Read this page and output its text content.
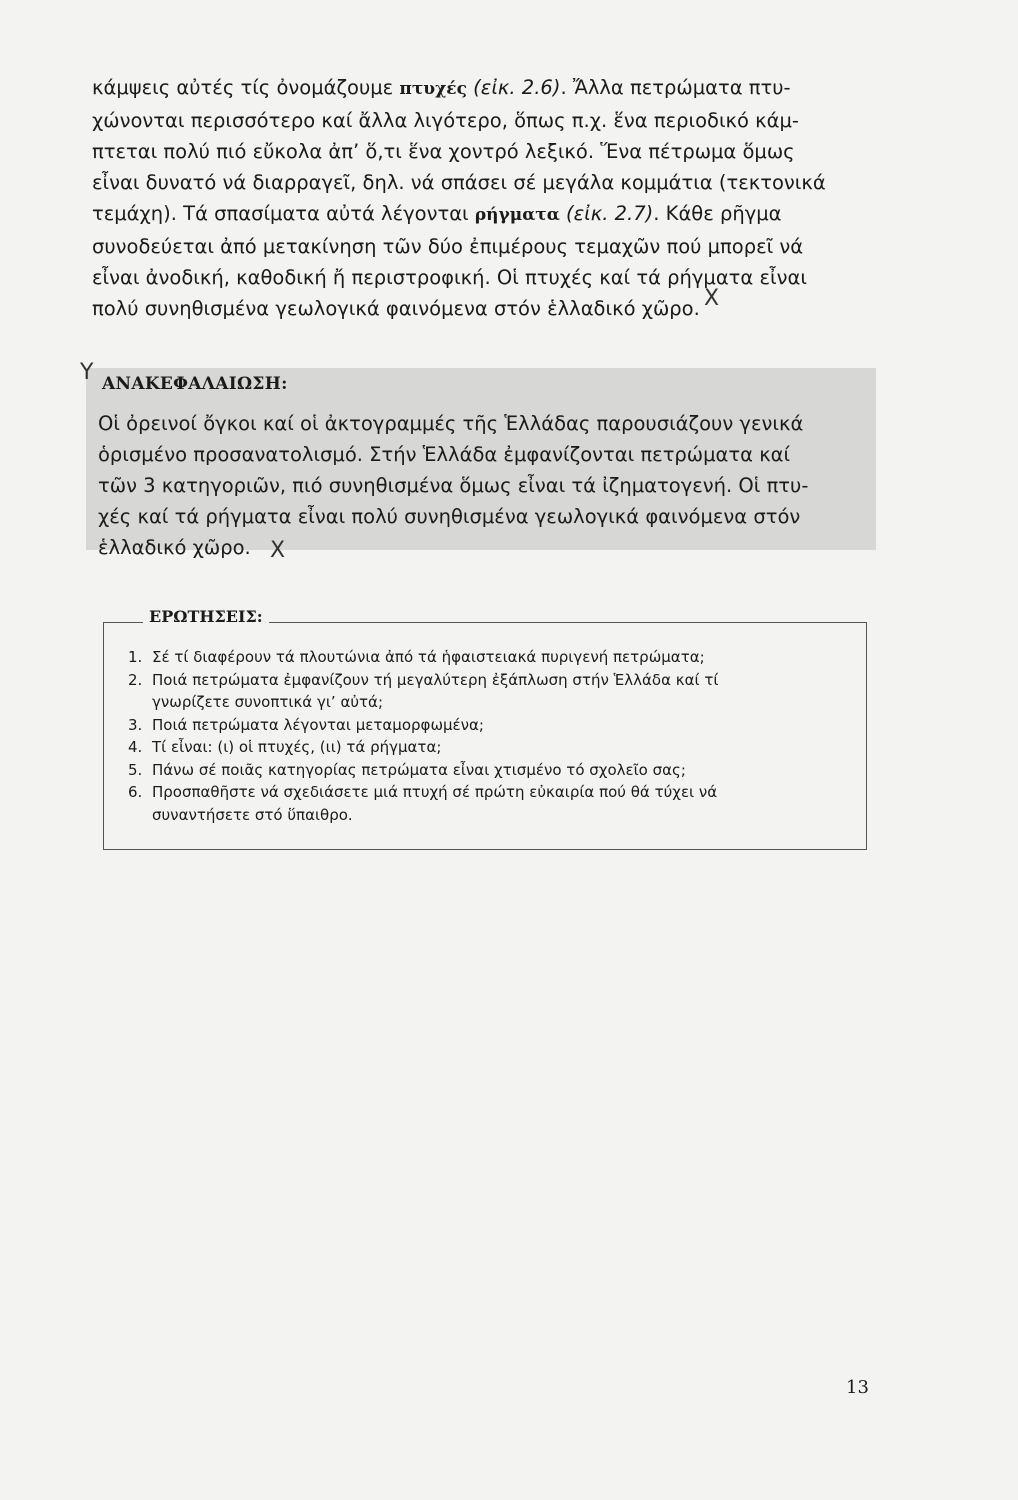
κάμψεις αὐτές τίς ὀνομάζουμε πτυχές (εἰκ. 2.6). Ἄλλα πετρώματα πτυ-
χώνονται περισσότερο καί ἄλλα λιγότερο, ὅπως π.χ. ἕνα περιοδικό κάμ-
πτεται πολύ πιό εὔκολα ἀπ’ ὅ,τι ἕνα χοντρό λεξικό. Ἕνα πέτρωμα ὅμως
εἶναι δυνατό νά διαρραγεῖ, δηλ. νά σπάσει σέ μεγάλα κομμάτια (τεκτονικά
τεμάχη). Τά σπασίματα αὐτά λέγονται ρήγματα (εἰκ. 2.7). Κάθε ρῆγμα
συνοδεύεται ἀπό μετακίνηση τῶν δύο ἐπιμέρους τεμαχῶν πού μπορεῖ νά
εἶναι ἀνοδική, καθοδική ἤ περιστροφική. Οἱ πτυχές καί τά ρήγματα εἶναι
πολύ συνηθισμένα γεωλογικά φαινόμενα στόν ἑλλαδικό χῶρο. X
Y ΑΝΑΚΕΦΑΛΑΙΩΣΗ:

Οἱ ὀρεινοί ὄγκοι καί οἱ ἀκτογραμμές τῆς Ἑλλάδας παρουσιάζουν γενικά
ὁρισμένο προσανατολισμό. Στήν Ἑλλάδα ἐμφανίζονται πετρώματα καί
τῶν 3 κατηγοριῶν, πιό συνηθισμένα ὅμως εἶναι τά ἰζηματογενή. Οἱ πτυ-
χές καί τά ρήγματα εἶναι πολύ συνηθισμένα γεωλογικά φαινόμενα στόν
ἑλλαδικό χῶρο. X
ΕΡΩΤΗΣΕΙΣ:
1. Σέ τί διαφέρουν τά πλουτώνια ἀπό τά ἡφαιστειακά πυριγενή πετρώματα;
2. Ποιά πετρώματα ἐμφανίζουν τή μεγαλύτερη ἐξάπλωση στήν Ἑλλάδα καί τί
γνωρίζετε συνοπτικά γι’ αὐτά;
3. Ποιά πετρώματα λέγονται μεταμορφωμένα;
4. Τί εἶναι: (ι) οἱ πτυχές, (ιι) τά ρήγματα;
5. Πάνω σέ ποιᾶς κατηγορίας πετρώματα εἶναι χτισμένο τό σχολεῖο σας;
6. Προσπαθῆστε νά σχεδιάσετε μιά πτυχή σέ πρώτη εὐκαιρία πού θά τύχει νά
συναντήσετε στό ὕπαιθρο.
13
